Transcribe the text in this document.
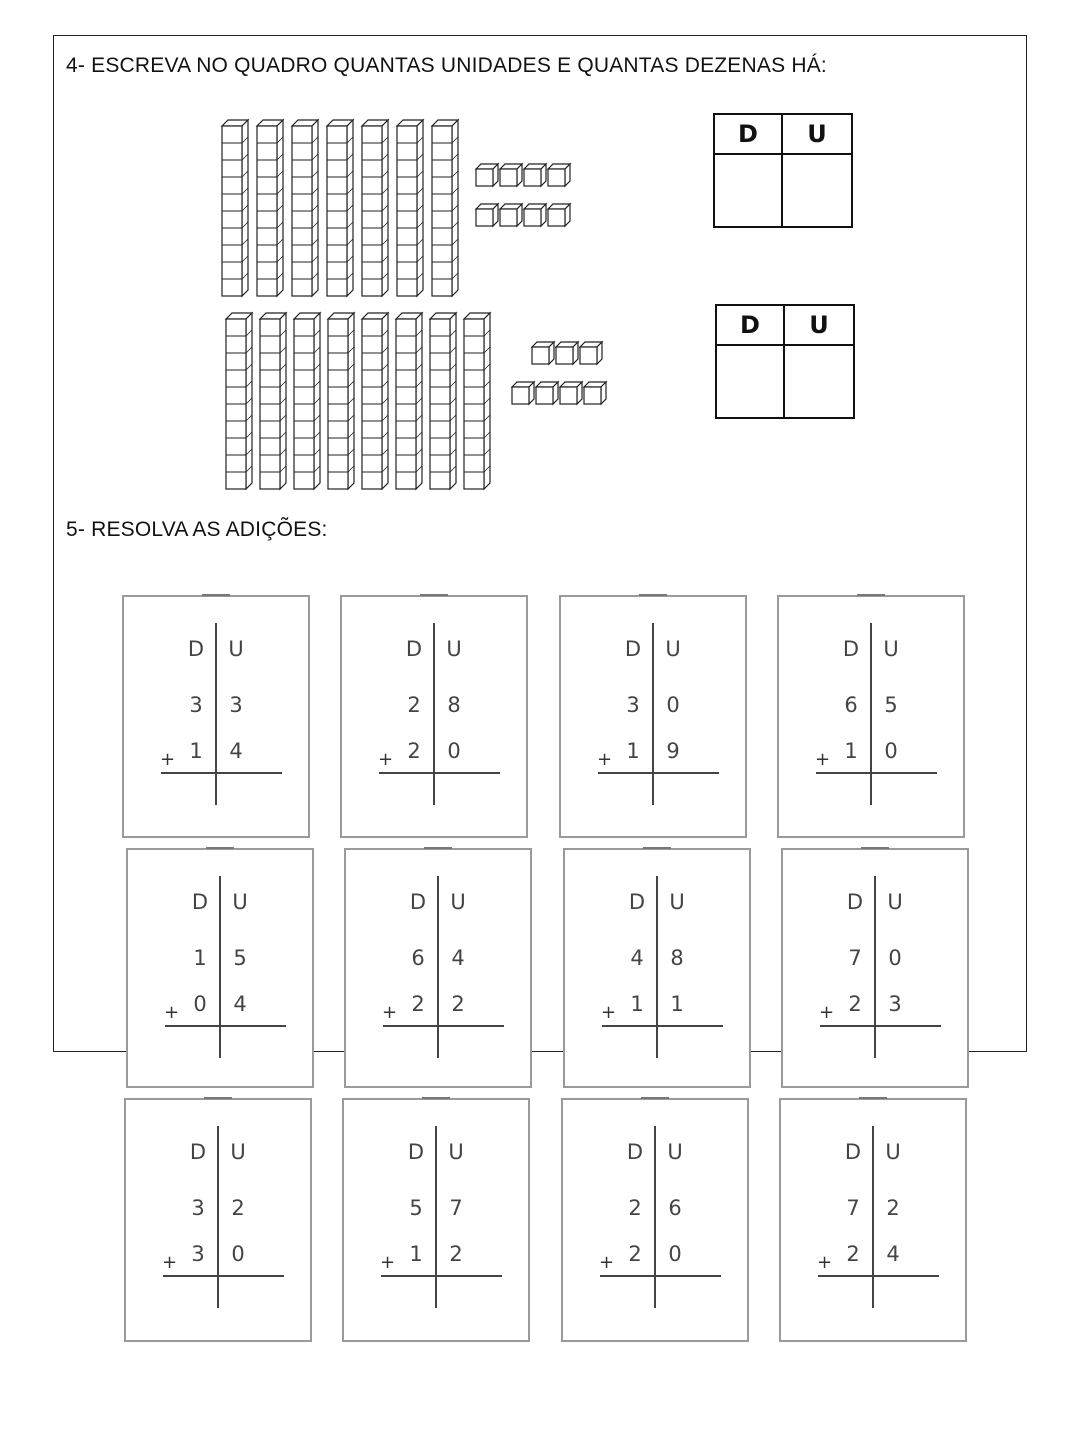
4- ESCREVA NO QUADRO QUANTAS UNIDADES E QUANTAS DEZENAS HÁ:
D	U
D	U
5- RESOLVA AS ADIÇÕES:
D U
3 3
1 4
+
D U
2 8
2 0
+
D U
3 0
1 9
+
D U
6 5
1 0
+
D U
1 5
0 4
+
D U
6 4
2 2
+
D U
4 8
1 1
+
D U
7 0
2 3
+
D U
3 2
3 0
+
D U
5 7
1 2
+
D U
2 6
2 0
+
D U
7 2
2 4
+
